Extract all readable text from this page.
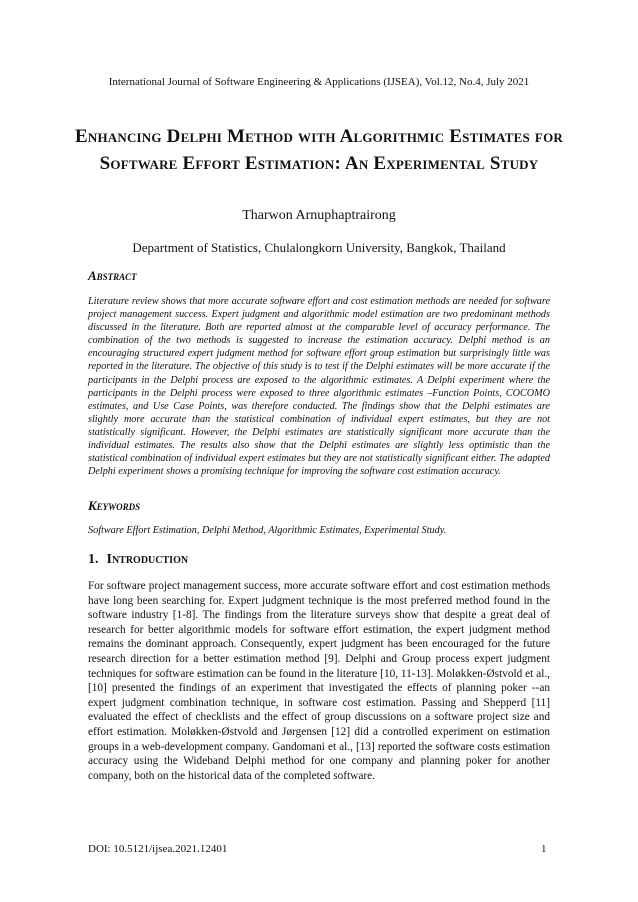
International Journal of Software Engineering & Applications (IJSEA), Vol.12, No.4, July 2021
Enhancing Delphi Method with Algorithmic Estimates for Software Effort Estimation: An Experimental Study
Tharwon Arnuphaptrairong
Department of Statistics, Chulalongkorn University, Bangkok, Thailand
Abstract

Literature review shows that more accurate software effort and cost estimation methods are needed for software project management success. Expert judgment and algorithmic model estimation are two predominant methods discussed in the literature. Both are reported almost at the comparable level of accuracy performance. The combination of the two methods is suggested to increase the estimation accuracy. Delphi method is an encouraging structured expert judgment method for software effort group estimation but surprisingly little was reported in the literature. The objective of this study is to test if the Delphi estimates will be more accurate if the participants in the Delphi process are exposed to the algorithmic estimates. A Delphi experiment where the participants in the Delphi process were exposed to three algorithmic estimates –Function Points, COCOMO estimates, and Use Case Points, was therefore conducted. The findings show that the Delphi estimates are slightly more accurate than the statistical combination of individual expert estimates, but they are not statistically significant. However, the Delphi estimates are statistically significant more accurate than the individual estimates. The results also show that the Delphi estimates are slightly less optimistic than the statistical combination of individual expert estimates but they are not statistically significant either. The adapted Delphi experiment shows a promising technique for improving the software cost estimation accuracy.

Keywords

Software Effort Estimation, Delphi Method, Algorithmic Estimates, Experimental Study.

1. Introduction

For software project management success, more accurate software effort and cost estimation methods have long been searching for. Expert judgment technique is the most preferred method found in the software industry [1-8]. The findings from the literature surveys show that despite a great deal of research for better algorithmic models for software effort estimation, the expert judgment method remains the dominant approach. Consequently, expert judgment has been encouraged for the future research direction for a better estimation method [9]. Delphi and Group process expert judgment techniques for software estimation can be found in the literature [10, 11-13]. Moløkken-Østvold et al., [10] presented the findings of an experiment that investigated the effects of planning poker --an expert judgment combination technique, in software cost estimation. Passing and Shepperd [11] evaluated the effect of checklists and the effect of group discussions on a software project size and effort estimation. Moløkken-Østvold and Jørgensen [12] did a controlled experiment on estimation groups in a web-development company. Gandomani et al., [13] reported the software costs estimation accuracy using the Wideband Delphi method for one company and planning poker for another company, both on the historical data of the completed software.

DOI: 10.5121/ijsea.2021.12401	1
